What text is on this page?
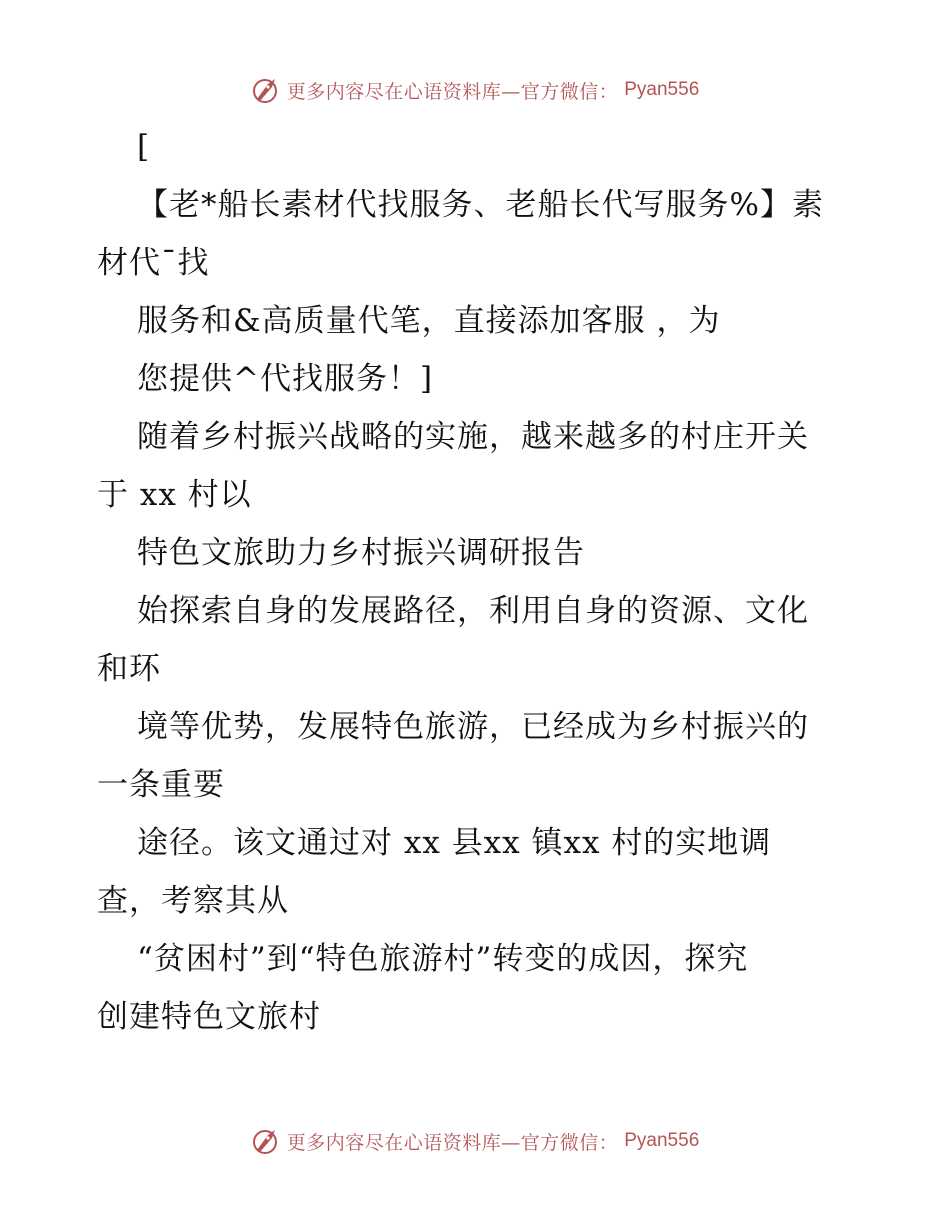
更多内容尽在心语资料库—官方微信： Pyan556
[
【老*船长素材代找服务、老船长代写服务%】素
材代¯找
服务和&高质量代笔，直接添加客服 ，为
您提供^代找服务！]
随着乡村振兴战略的实施，越来越多的村庄开关
于 xx 村以
特色文旅助力乡村振兴调研报告
始探索自身的发展路径，利用自身的资源、文化
和环
境等优势，发展特色旅游，已经成为乡村振兴的
一条重要
途径。该文通过对 xx 县xx 镇xx 村的实地调
查，考察其从
“贫困村”到“特色旅游村”转变的成因，探究
创建特色文旅村
更多内容尽在心语资料库—官方微信： Pyan556
